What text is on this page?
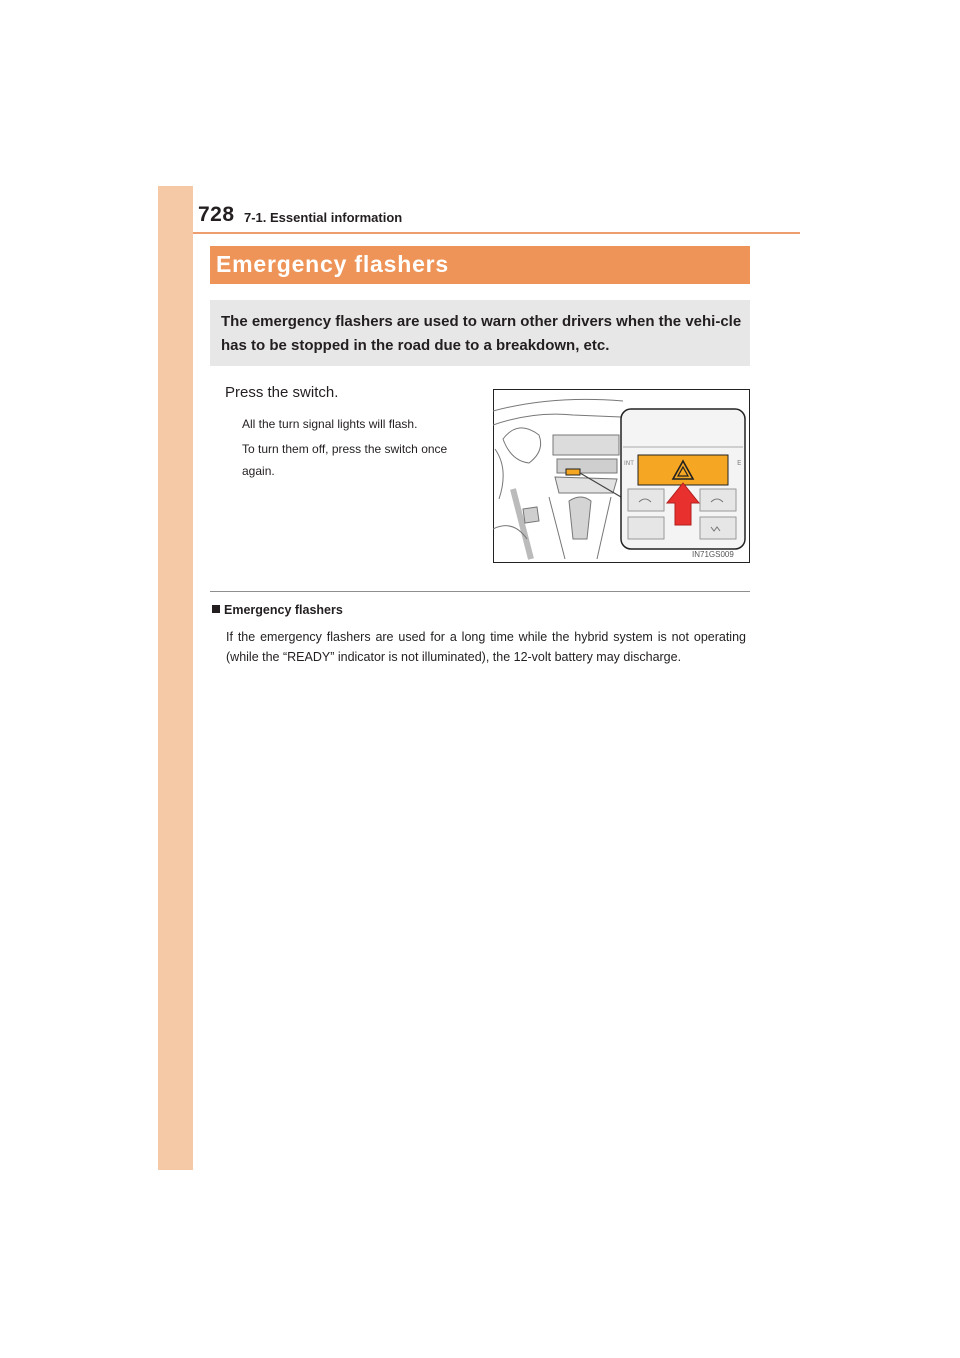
728 7-1. Essential information
Emergency flashers

The emergency flashers are used to warn other drivers when the vehi-cle has to be stopped in the road due to a breakdown, etc.

Press the switch.
All the turn signal lights will flash.
To turn them off, press the switch once again.
INT	E
IN71GS009
Emergency flashers

If the emergency flashers are used for a long time while the hybrid system is not operating (while the “READY” indicator is not illuminated), the 12-volt battery may discharge.
